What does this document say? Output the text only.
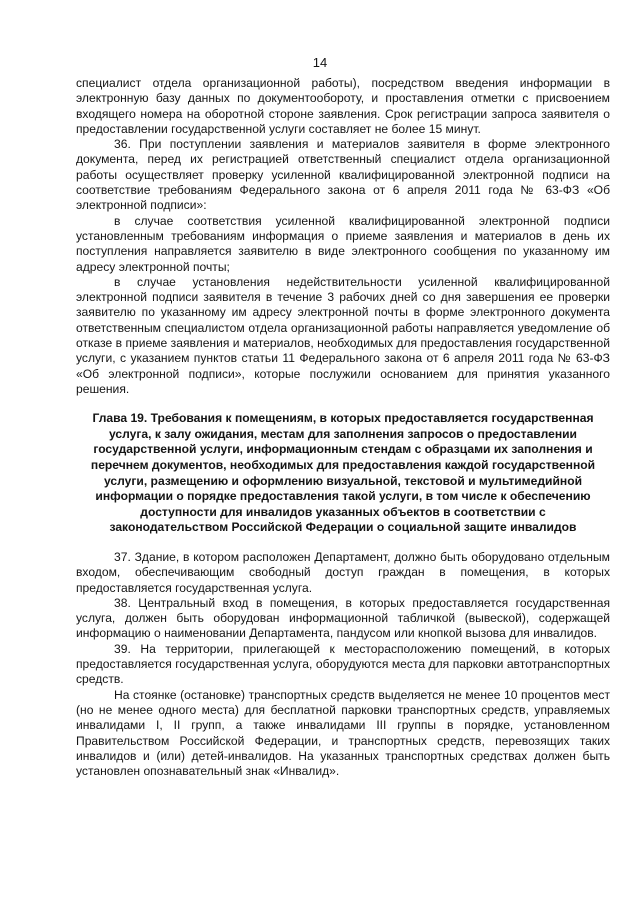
14

специалист отдела организационной работы), посредством введения информации в электронную базу данных по документообороту, и проставления отметки с присвоением входящего номера на оборотной стороне заявления. Срок регистрации запроса заявителя о предоставлении государственной услуги составляет не более 15 минут.

36. При поступлении заявления и материалов заявителя в форме электронного документа, перед их регистрацией ответственный специалист отдела организационной работы осуществляет проверку усиленной квалифицированной электронной подписи на соответствие требованиям Федерального закона от 6 апреля 2011 года № 63-ФЗ «Об электронной подписи»:

в случае соответствия усиленной квалифицированной электронной подписи установленным требованиям информация о приеме заявления и материалов в день их поступления направляется заявителю в виде электронного сообщения по указанному им адресу электронной почты;

в случае установления недействительности усиленной квалифицированной электронной подписи заявителя в течение 3 рабочих дней со дня завершения ее проверки заявителю по указанному им адресу электронной почты в форме электронного документа ответственным специалистом отдела организационной работы направляется уведомление об отказе в приеме заявления и материалов, необходимых для предоставления государственной услуги, с указанием пунктов статьи 11 Федерального закона от 6 апреля 2011 года № 63-ФЗ «Об электронной подписи», которые послужили основанием для принятия указанного решения.

Глава 19. Требования к помещениям, в которых предоставляется государственная услуга, к залу ожидания, местам для заполнения запросов о предоставлении государственной услуги, информационным стендам с образцами их заполнения и перечнем документов, необходимых для предоставления каждой государственной услуги, размещению и оформлению визуальной, текстовой и мультимедийной информации о порядке предоставления такой услуги, в том числе к обеспечению доступности для инвалидов указанных объектов в соответствии с законодательством Российской Федерации о социальной защите инвалидов

37. Здание, в котором расположен Департамент, должно быть оборудовано отдельным входом, обеспечивающим свободный доступ граждан в помещения, в которых предоставляется государственная услуга.

38. Центральный вход в помещения, в которых предоставляется государственная услуга, должен быть оборудован информационной табличкой (вывеской), содержащей информацию о наименовании Департамента, пандусом или кнопкой вызова для инвалидов.

39. На территории, прилегающей к месторасположению помещений, в которых предоставляется государственная услуга, оборудуются места для парковки автотранспортных средств.

На стоянке (остановке) транспортных средств выделяется не менее 10 процентов мест (но не менее одного места) для бесплатной парковки транспортных средств, управляемых инвалидами I, II групп, а также инвалидами III группы в порядке, установленном Правительством Российской Федерации, и транспортных средств, перевозящих таких инвалидов и (или) детей-инвалидов. На указанных транспортных средствах должен быть установлен опознавательный знак «Инвалид».
